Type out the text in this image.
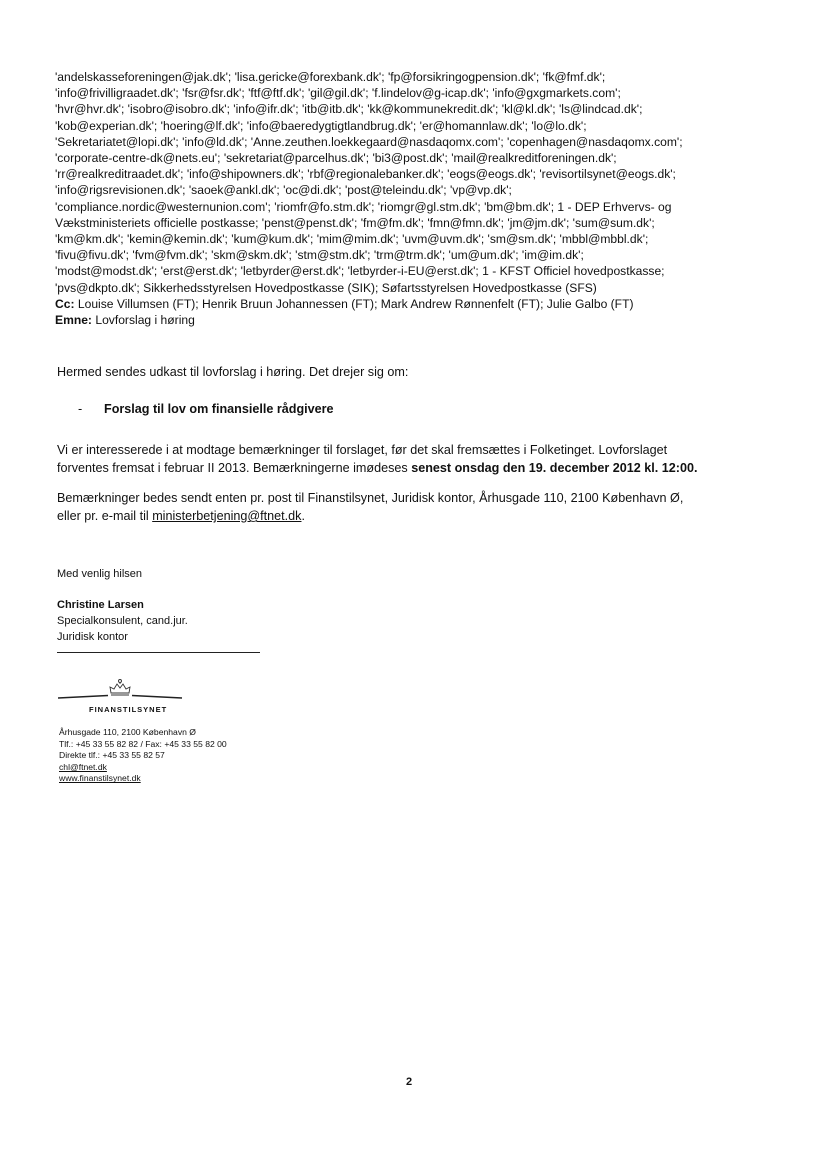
'andelskasseforeningen@jak.dk'; 'lisa.gericke@forexbank.dk'; 'fp@forsikringogpension.dk'; 'fk@fmf.dk';
'info@frivilligraadet.dk'; 'fsr@fsr.dk'; 'ftf@ftf.dk'; 'gil@gil.dk'; 'f.lindelov@g-icap.dk'; 'info@gxgmarkets.com';
'hvr@hvr.dk'; 'isobro@isobro.dk'; 'info@ifr.dk'; 'itb@itb.dk'; 'kk@kommunekredit.dk'; 'kl@kl.dk'; 'ls@lindcad.dk';
'kob@experian.dk'; 'hoering@lf.dk'; 'info@baeredygtigtlandbrug.dk'; 'er@homannlaw.dk'; 'lo@lo.dk';
'Sekretariatet@lopi.dk'; 'info@ld.dk'; 'Anne.zeuthen.loekkegaard@nasdaqomx.com'; 'copenhagen@nasdaqomx.com';
'corporate-centre-dk@nets.eu'; 'sekretariat@parcelhus.dk'; 'bi3@post.dk'; 'mail@realkreditforeningen.dk';
'rr@realkreditraadet.dk'; 'info@shipowners.dk'; 'rbf@regionalebanker.dk'; 'eogs@eogs.dk'; 'revisortilsynet@eogs.dk';
'info@rigsrevisionen.dk'; 'saoek@ankl.dk'; 'oc@di.dk'; 'post@teleindu.dk'; 'vp@vp.dk';
'compliance.nordic@westernunion.com'; 'riomfr@fo.stm.dk'; 'riomgr@gl.stm.dk'; 'bm@bm.dk'; 1 - DEP Erhvervs- og
Vækstministeriets officielle postkasse; 'penst@penst.dk'; 'fm@fm.dk'; 'fmn@fmn.dk'; 'jm@jm.dk'; 'sum@sum.dk';
'km@km.dk'; 'kemin@kemin.dk'; 'kum@kum.dk'; 'mim@mim.dk'; 'uvm@uvm.dk'; 'sm@sm.dk'; 'mbbl@mbbl.dk';
'fivu@fivu.dk'; 'fvm@fvm.dk'; 'skm@skm.dk'; 'stm@stm.dk'; 'trm@trm.dk'; 'um@um.dk'; 'im@im.dk';
'modst@modst.dk'; 'erst@erst.dk'; 'letbyrder@erst.dk'; 'letbyrder-i-EU@erst.dk'; 1 - KFST Officiel hovedpostkasse;
'pvs@dkpto.dk'; Sikkerhedsstyrelsen Hovedpostkasse (SIK); Søfartsstyrelsen Hovedpostkasse (SFS)
Cc: Louise Villumsen (FT); Henrik Bruun Johannessen (FT); Mark Andrew Rønnenfelt (FT); Julie Galbo (FT)
Emne: Lovforslag i høring
Hermed sendes udkast til lovforslag i høring. Det drejer sig om:
- Forslag til lov om finansielle rådgivere
Vi er interesserede i at modtage bemærkninger til forslaget, før det skal fremsættes i Folketinget. Lovforslaget
forventes fremsat i februar II 2013. Bemærkningerne imødeses senest onsdag den 19. december 2012 kl. 12:00.
Bemærkninger bedes sendt enten pr. post til Finanstilsynet, Juridisk kontor, Århusgade 110, 2100 København Ø,
eller pr. e-mail til ministerbetjening@ftnet.dk.
Med venlig hilsen
Christine Larsen
Specialkonsulent, cand.jur.
Juridisk kontor
FINANSTILSYNET
Århusgade 110, 2100 København Ø
Tlf.: +45 33 55 82 82 / Fax: +45 33 55 82 00
Direkte tlf.: +45 33 55 82 57
chl@ftnet.dk
www.finanstilsynet.dk
2
